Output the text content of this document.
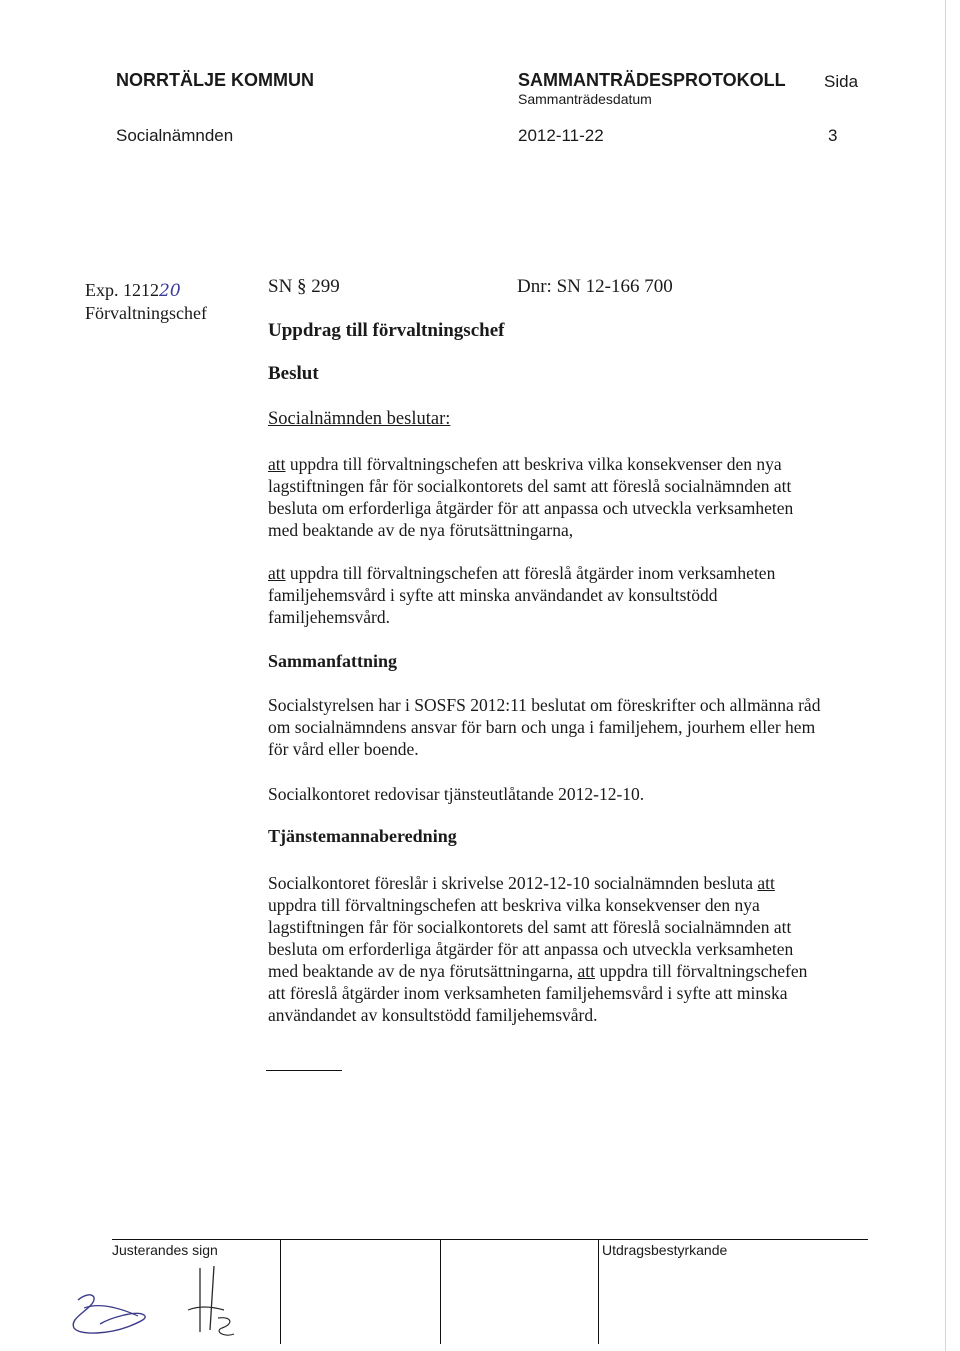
NORRTÄLJE KOMMUN	SAMMANTRÄDESPROTOKOLL
Sammanträdesdatum
Sida
Socialnämnden	2012-11-22	3
Exp. 121220
Förvaltningschef
SN § 299	Dnr: SN 12-166 700
Uppdrag till förvaltningschef
Beslut
Socialnämnden beslutar:
att uppdra till förvaltningschefen att beskriva vilka konsekvenser den nya
lagstiftningen får för socialkontorets del samt att föreslå socialnämnden att
besluta om erforderliga åtgärder för att anpassa och utveckla verksamheten
med beaktande av de nya förutsättningarna,
att uppdra till förvaltningschefen att föreslå åtgärder inom verksamheten
familjehemsvård i syfte att minska användandet av konsultstödd
familjehemsvård.
Sammanfattning
Socialstyrelsen har i SOSFS 2012:11 beslutat om föreskrifter och allmänna råd
om socialnämndens ansvar för barn och unga i familjehem, jourhem eller hem
för vård eller boende.
Socialkontoret redovisar tjänsteutlåtande 2012-12-10.
Tjänstemannaberedning
Socialkontoret föreslår i skrivelse 2012-12-10 socialnämnden besluta att
uppdra till förvaltningschefen att beskriva vilka konsekvenser den nya
lagstiftningen får för socialkontorets del samt att föreslå socialnämnden att
besluta om erforderliga åtgärder för att anpassa och utveckla verksamheten
med beaktande av de nya förutsättningarna, att uppdra till förvaltningschefen
att föreslå åtgärder inom verksamheten familjehemsvård i syfte att minska
användandet av konsultstödd familjehemsvård.
Justerandes sign	Utdragsbestyrkande
